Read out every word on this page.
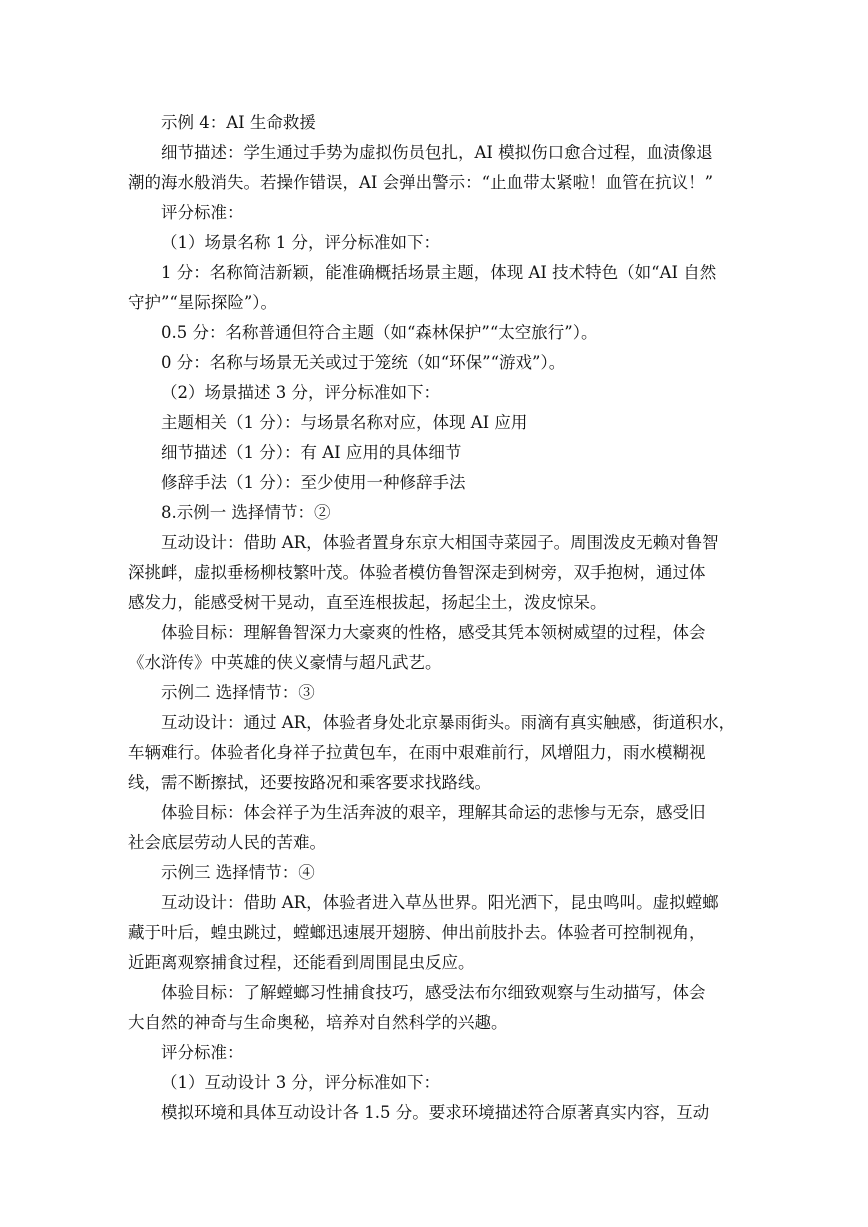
示例 4：AI 生命救援
细节描述：学生通过手势为虚拟伤员包扎，AI 模拟伤口愈合过程，血渍像退
潮的海水般消失。若操作错误，AI 会弹出警示：“止血带太紧啦！血管在抗议！”
评分标准：
（1）场景名称 1 分，评分标准如下：
1 分：名称简洁新颖，能准确概括场景主题，体现 AI 技术特色（如“AI 自然
守护”“星际探险”）。
0.5 分：名称普通但符合主题（如“森林保护”“太空旅行”）。
0 分：名称与场景无关或过于笼统（如“环保”“游戏”）。
（2）场景描述 3 分，评分标准如下：
主题相关（1 分）：与场景名称对应，体现 AI 应用
细节描述（1 分）：有 AI 应用的具体细节
修辞手法（1 分）：至少使用一种修辞手法
8.示例一 选择情节：②
互动设计：借助 AR，体验者置身东京大相国寺菜园子。周围泼皮无赖对鲁智
深挑衅，虚拟垂杨柳枝繁叶茂。体验者模仿鲁智深走到树旁，双手抱树，通过体
感发力，能感受树干晃动，直至连根拔起，扬起尘土，泼皮惊呆。
体验目标：理解鲁智深力大豪爽的性格，感受其凭本领树威望的过程，体会
《水浒传》中英雄的侠义豪情与超凡武艺。
示例二 选择情节：③
互动设计：通过 AR，体验者身处北京暴雨街头。雨滴有真实触感，街道积水，
车辆难行。体验者化身祥子拉黄包车，在雨中艰难前行，风增阻力，雨水模糊视
线，需不断擦拭，还要按路况和乘客要求找路线。
体验目标：体会祥子为生活奔波的艰辛，理解其命运的悲惨与无奈，感受旧
社会底层劳动人民的苦难。
示例三 选择情节：④
互动设计：借助 AR，体验者进入草丛世界。阳光洒下，昆虫鸣叫。虚拟螳螂
藏于叶后，蝗虫跳过，螳螂迅速展开翅膀、伸出前肢扑去。体验者可控制视角，
近距离观察捕食过程，还能看到周围昆虫反应。
体验目标：了解螳螂习性捕食技巧，感受法布尔细致观察与生动描写，体会
大自然的神奇与生命奥秘，培养对自然科学的兴趣。
评分标准：
（1）互动设计 3 分，评分标准如下：
模拟环境和具体互动设计各 1.5 分。要求环境描述符合原著真实内容，互动
